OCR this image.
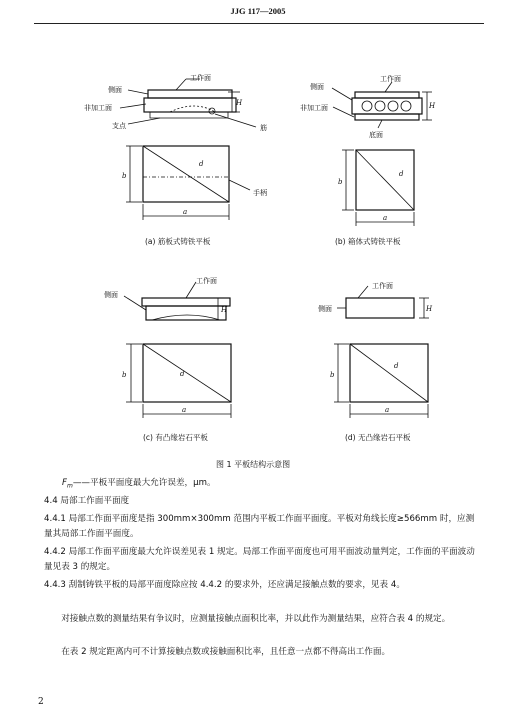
JJG 117—2005
H
工作面
侧面
非加工面
支点	筋
d
b
a
手柄
H
工作面
侧面
非加工面
底面
d
b
a
H
工作面
侧面
d
b
a
H
工作面
侧面
d
b
a
(a) 筋板式铸铁平板	(b) 箱体式铸铁平板
(c) 有凸缘岩石平板	(d) 无凸缘岩石平板
图 1 平板结构示意图
$F_m——$平板平面度最大允许误差，μm。
4.4 局部工作面平面度
4.4.1 局部工作面平面度是指 300mm×300mm 范围内平板工作面平面度。平板对角线长度≥566mm 时，应测量其局部工作面平面度。
4.4.2 局部工作面平面度最大允许误差见表 1 规定。局部工作面平面度也可用平面波动量判定，工作面的平面波动量见表 3 的规定。
4.4.3 刮制铸铁平板的局部平面度除应按 4.4.2 的要求外，还应满足接触点数的要求，见表 4。
对接触点数的测量结果有争议时，应测量接触点面积比率，并以此作为测量结果，应符合表 4 的规定。
在表 2 规定距离内可不计算接触点数或接触面积比率，且任意一点都不得高出工作面。
2
